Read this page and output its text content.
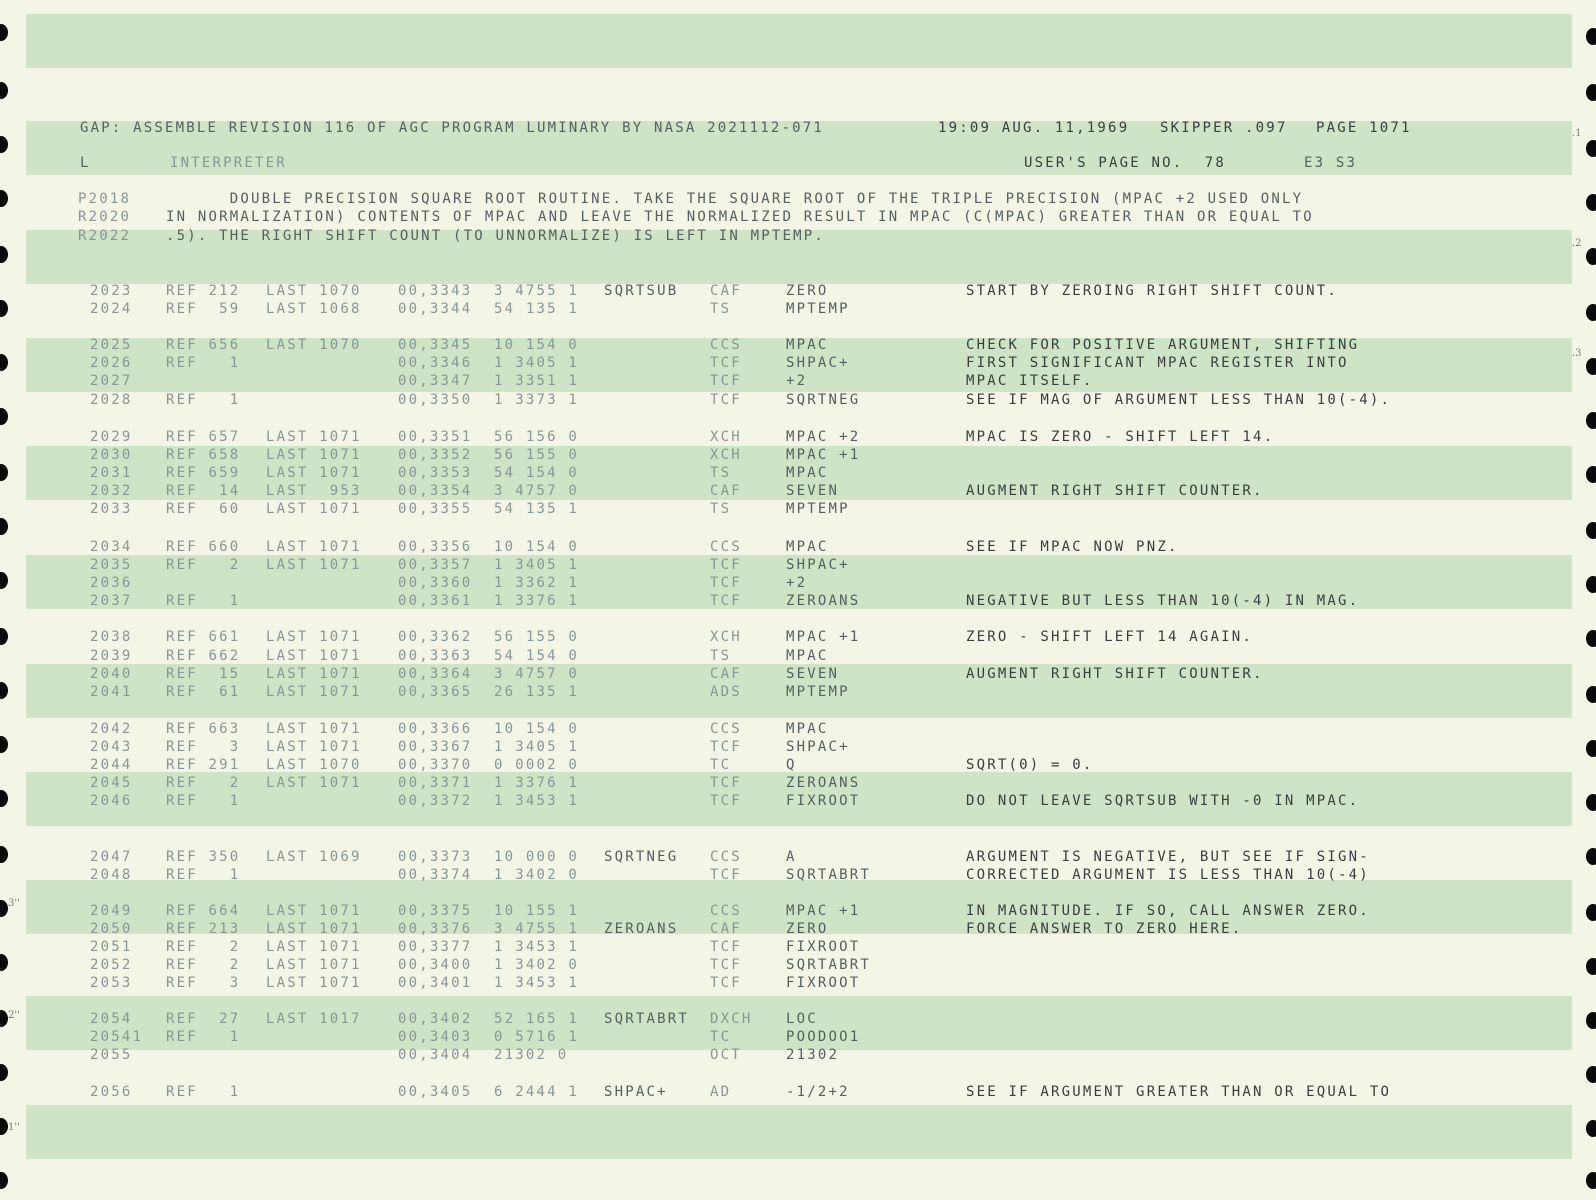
3''
2''
1''
.1
.2
.3
GAP: ASSEMBLE REVISION 116 OF AGC PROGRAM LUMINARY BY NASA 2021112-071	19:09 AUG. 11,1969 SKIPPER .097 PAGE 1071
L	INTERPRETER	USER'S PAGE NO.  78	E3 S3
P2018 DOUBLE PRECISION SQUARE ROOT ROUTINE. TAKE THE SQUARE ROOT OF THE TRIPLE PRECISION (MPAC +2 USED ONLY
R2020 IN NORMALIZATION) CONTENTS OF MPAC AND LEAVE THE NORMALIZED RESULT IN MPAC (C(MPAC) GREATER THAN OR EQUAL TO
R2022 .5). THE RIGHT SHIFT COUNT (TO UNNORMALIZE) IS LEFT IN MPTEMP.
2023 REF 212 LAST 1070	00,3343 3 4755 1 SQRTSUB CAF	ZERO	START BY ZEROING RIGHT SHIFT COUNT.
2024 REF  59 LAST 1068	00,3344 54 135 1	TS	MPTEMP
2025 REF 656 LAST 1070	00,3345 10 154 0	CCS	MPAC	CHECK FOR POSITIVE ARGUMENT, SHIFTING
2026 REF   1	00,3346 1 3405 1	TCF	SHPAC+	FIRST SIGNIFICANT MPAC REGISTER INTO
2027	00,3347 1 3351 1	TCF	+2	MPAC ITSELF.
2028 REF   1	00,3350 1 3373 1	TCF	SQRTNEG	SEE IF MAG OF ARGUMENT LESS THAN 10(-4).
2029 REF 657 LAST 1071	00,3351 56 156 0	XCH	MPAC +2	MPAC IS ZERO - SHIFT LEFT 14.
2030 REF 658 LAST 1071	00,3352 56 155 0	XCH	MPAC +1
2031 REF 659 LAST 1071	00,3353 54 154 0	TS	MPAC
2032 REF  14 LAST  953	00,3354 3 4757 0	CAF	SEVEN	AUGMENT RIGHT SHIFT COUNTER.
2033 REF  60 LAST 1071	00,3355 54 135 1	TS	MPTEMP
2034 REF 660 LAST 1071	00,3356 10 154 0	CCS	MPAC	SEE IF MPAC NOW PNZ.
2035 REF   2 LAST 1071	00,3357 1 3405 1	TCF	SHPAC+
2036	00,3360 1 3362 1	TCF	+2
2037 REF   1	00,3361 1 3376 1	TCF	ZEROANS	NEGATIVE BUT LESS THAN 10(-4) IN MAG.
2038 REF 661 LAST 1071	00,3362 56 155 0	XCH	MPAC +1	ZERO - SHIFT LEFT 14 AGAIN.
2039 REF 662 LAST 1071	00,3363 54 154 0	TS	MPAC
2040 REF  15 LAST 1071	00,3364 3 4757 0	CAF	SEVEN	AUGMENT RIGHT SHIFT COUNTER.
2041 REF  61 LAST 1071	00,3365 26 135 1	ADS	MPTEMP
2042 REF 663 LAST 1071	00,3366 10 154 0	CCS	MPAC
2043 REF   3 LAST 1071	00,3367 1 3405 1	TCF	SHPAC+
2044 REF 291 LAST 1070	00,3370 0 0002 0	TC	Q	SQRT(0) = 0.
2045 REF   2 LAST 1071	00,3371 1 3376 1	TCF	ZEROANS
2046 REF   1	00,3372 1 3453 1	TCF	FIXROOT	DO NOT LEAVE SQRTSUB WITH -0 IN MPAC.
2047 REF 350 LAST 1069	00,3373 10 000 0 SQRTNEG CCS	A	ARGUMENT IS NEGATIVE, BUT SEE IF SIGN-
2048 REF   1	00,3374 1 3402 0	TCF	SQRTABRT	CORRECTED ARGUMENT IS LESS THAN 10(-4)
2049 REF 664 LAST 1071	00,3375 10 155 1	CCS	MPAC +1	IN MAGNITUDE. IF SO, CALL ANSWER ZERO.
2050 REF 213 LAST 1071	00,3376 3 4755 1 ZEROANS CAF	ZERO	FORCE ANSWER TO ZERO HERE.
2051 REF   2 LAST 1071	00,3377 1 3453 1	TCF	FIXROOT
2052 REF   2 LAST 1071	00,3400 1 3402 0	TCF	SQRTABRT
2053 REF   3 LAST 1071	00,3401 1 3453 1	TCF	FIXROOT
2054 REF  27 LAST 1017	00,3402 52 165 1 SQRTABRT DXCH LOC
20541 REF   1	00,3403 0 5716 1	TC	POODOO1
2055	00,3404 21302 0	OCT	21302
2056 REF   1	00,3405 6 2444 1 SHPAC+	AD	-1/2+2	SEE IF ARGUMENT GREATER THAN OR EQUAL TO
